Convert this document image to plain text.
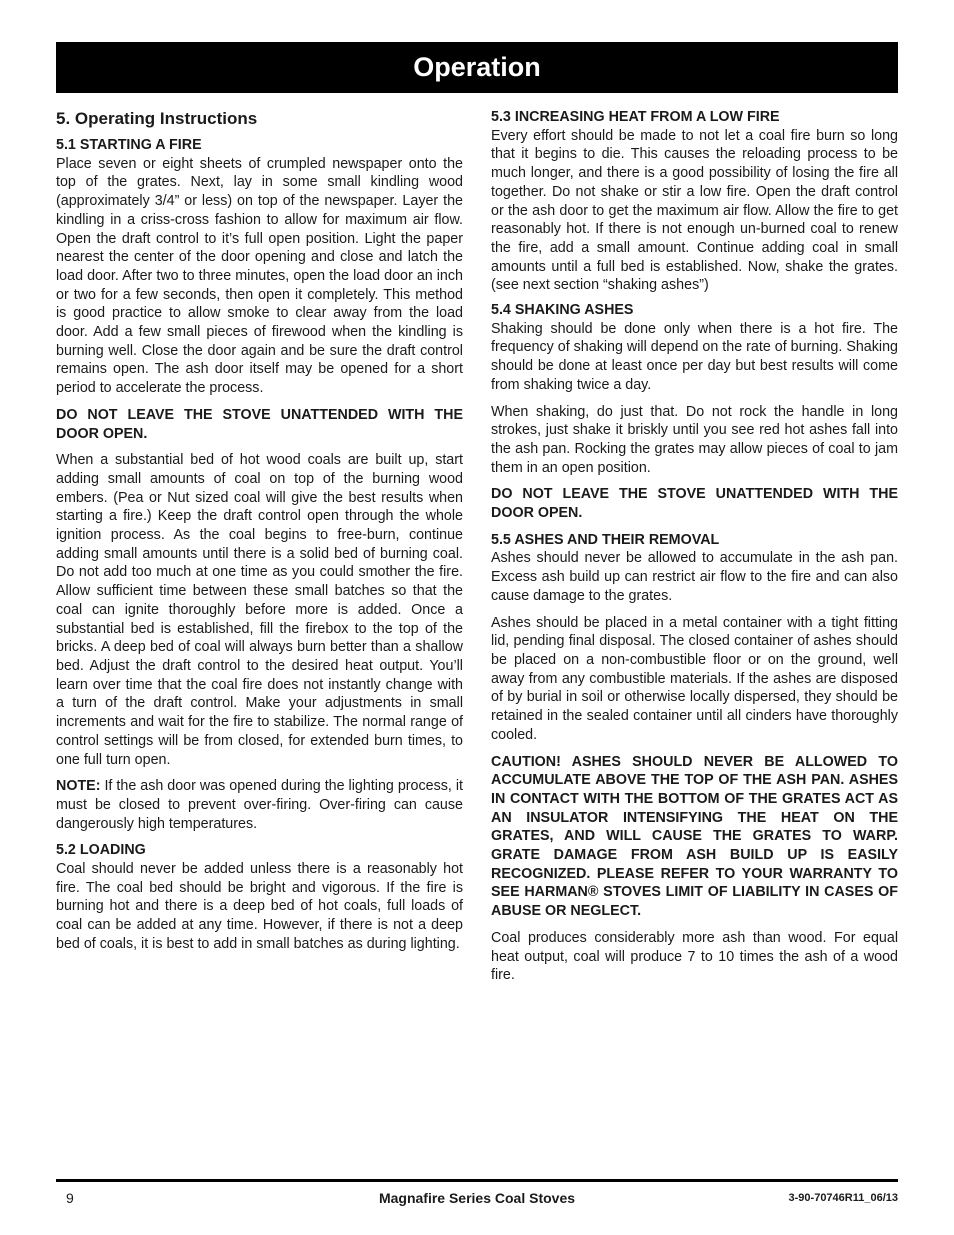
Operation
5. Operating Instructions
5.1 STARTING A FIRE

Place seven or eight sheets of crumpled newspaper onto the top of the grates. Next, lay in some small kindling wood (approximately 3/4” or less) on top of the newspaper. Layer the kindling in a criss-cross fashion to allow for maximum air flow. Open the draft control to it’s full open position. Light the paper nearest the center of the door opening and close and latch the load door. After two to three minutes, open the load door an inch or two for a few seconds, then open it completely. This method is good practice to allow smoke to clear away from the load door. Add a few small pieces of firewood when the kindling is burning well. Close the door again and be sure the draft control remains open. The ash door itself may be opened for a short period to accelerate the process.

DO NOT LEAVE THE STOVE UNATTENDED WITH THE DOOR OPEN.

When a substantial bed of hot wood coals are built up, start adding small amounts of coal on top of the burning wood embers. (Pea or Nut sized coal will give the best results when starting a fire.) Keep the draft control open through the whole ignition process. As the coal begins to free-burn, continue adding small amounts until there is a solid bed of burning coal. Do not add too much at one time as you could smother the fire. Allow sufficient time between these small batches so that the coal can ignite thoroughly before more is added. Once a substantial bed is established, fill the firebox to the top of the bricks. A deep bed of coal will always burn better than a shallow bed. Adjust the draft control to the desired heat output. You’ll learn over time that the coal fire does not instantly change with a turn of the draft control. Make your adjustments in small increments and wait for the fire to stabilize. The normal range of control settings will be from closed, for extended burn times, to one full turn open.

NOTE: If the ash door was opened during the lighting process, it must be closed to prevent over-firing. Over-firing can cause dangerously high temperatures.

5.2 LOADING

Coal should never be added unless there is a reasonably hot fire. The coal bed should be bright and vigorous. If the fire is burning hot and there is a deep bed of hot coals, full loads of coal can be added at any time. However, if there is not a deep bed of coals, it is best to add in small batches as during lighting.

5.3 INCREASING HEAT FROM A LOW FIRE

Every effort should be made to not let a coal fire burn so long that it begins to die. This causes the reloading process to be much longer, and there is a good possibility of losing the fire all together. Do not shake or stir a low fire. Open the draft control or the ash door to get the maximum air flow. Allow the fire to get reasonably hot. If there is not enough un-burned coal to renew the fire, add a small amount. Continue adding coal in small amounts until a full bed is established. Now, shake the grates. (see next section “shaking ashes”)

5.4 SHAKING ASHES

Shaking should be done only when there is a hot fire. The frequency of shaking will depend on the rate of burning. Shaking should be done at least once per day but best results will come from shaking twice a day.

When shaking, do just that. Do not rock the handle in long strokes, just shake it briskly until you see red hot ashes fall into the ash pan. Rocking the grates may allow pieces of coal to jam them in an open position.

DO NOT LEAVE THE STOVE UNATTENDED WITH THE DOOR OPEN.

5.5 ASHES AND THEIR REMOVAL

Ashes should never be allowed to accumulate in the ash pan. Excess ash build up can restrict air flow to the fire and can also cause damage to the grates.

Ashes should be placed in a metal container with a tight fitting lid, pending final disposal. The closed container of ashes should be placed on a non-combustible floor or on the ground, well away from any combustible materials. If the ashes are disposed of by burial in soil or otherwise locally dispersed, they should be retained in the sealed container until all cinders have thoroughly cooled.

CAUTION! ASHES SHOULD NEVER BE ALLOWED TO ACCUMULATE ABOVE THE TOP OF THE ASH PAN. ASHES IN CONTACT WITH THE BOTTOM OF THE GRATES ACT AS AN INSULATOR INTENSIFYING THE HEAT ON THE GRATES, AND WILL CAUSE THE GRATES TO WARP. GRATE DAMAGE FROM ASH BUILD UP IS EASILY RECOGNIZED. PLEASE REFER TO YOUR WARRANTY TO SEE HARMAN® STOVES LIMIT OF LIABILITY IN CASES OF ABUSE OR NEGLECT.

Coal produces considerably more ash than wood. For equal heat output, coal will produce 7 to 10 times the ash of a wood fire.

9	Magnafire Series Coal Stoves	3-90-70746R11_06/13
